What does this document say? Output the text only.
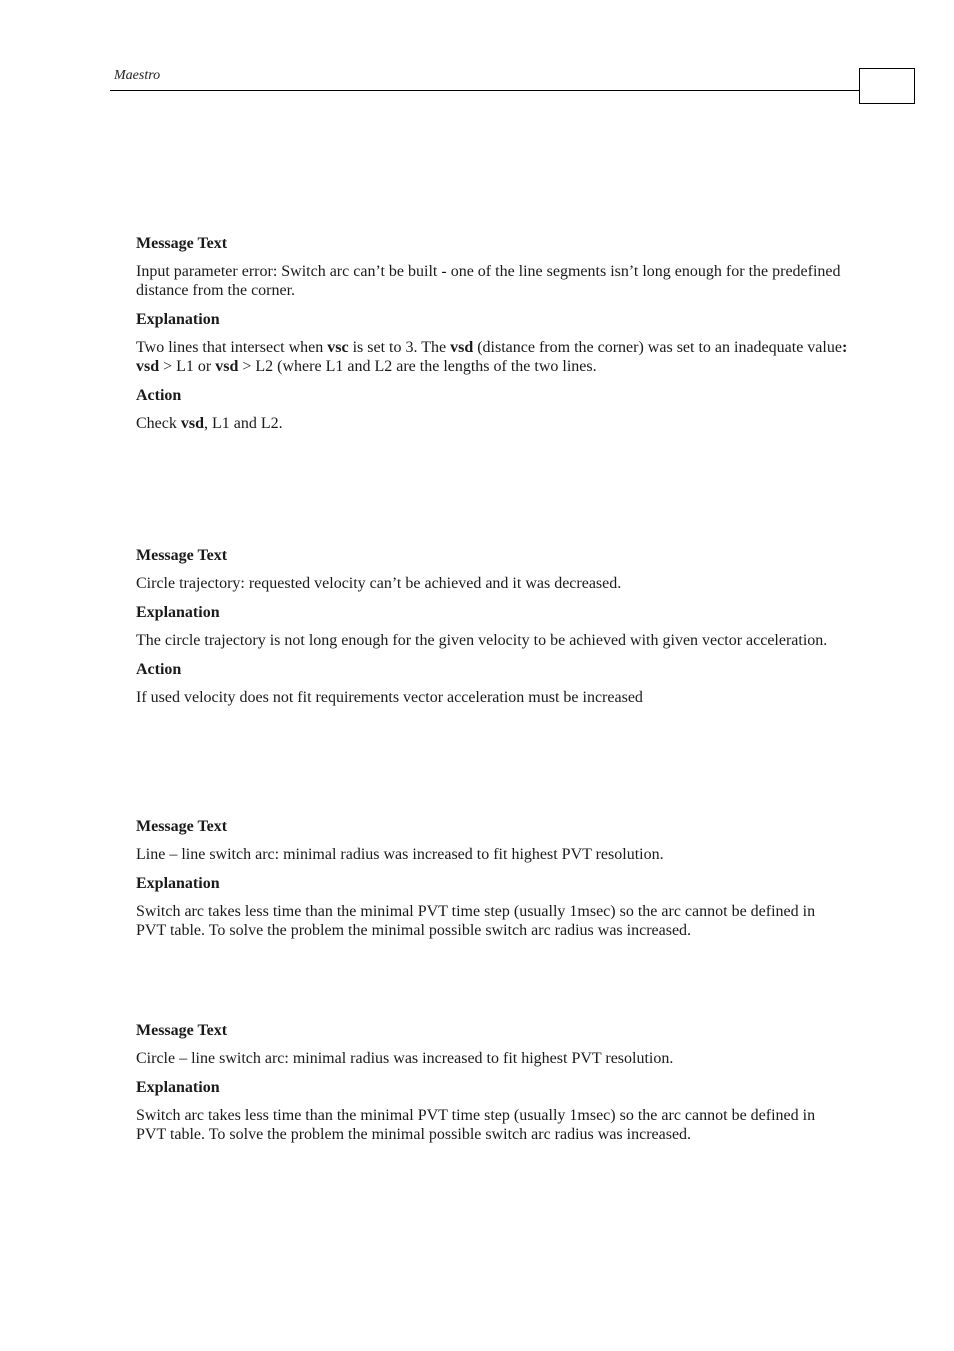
Maestro

Message Text

Input parameter error: Switch arc can’t be built - one of the line segments isn’t long enough for the predefined distance from the corner.

Explanation

Two lines that intersect when vsc is set to 3. The vsd (distance from the corner) was set to an inadequate value: vsd > L1 or vsd > L2 (where L1 and L2 are the lengths of the two lines.

Action

Check vsd, L1 and L2.

Message Text

Circle trajectory: requested velocity can’t be achieved and it was decreased.

Explanation

The circle trajectory is not long enough for the given velocity to be achieved with given vector acceleration.

Action

If used velocity does not fit requirements vector acceleration must be increased

Message Text

Line – line switch arc: minimal radius was increased to fit highest PVT resolution.

Explanation

Switch arc takes less time than the minimal PVT time step (usually 1msec) so the arc cannot be defined in PVT table. To solve the problem the minimal possible switch arc radius was increased.

Message Text

Circle – line switch arc: minimal radius was increased to fit highest PVT resolution.

Explanation

Switch arc takes less time than the minimal PVT time step (usually 1msec) so the arc cannot be defined in PVT table. To solve the problem the minimal possible switch arc radius was increased.
